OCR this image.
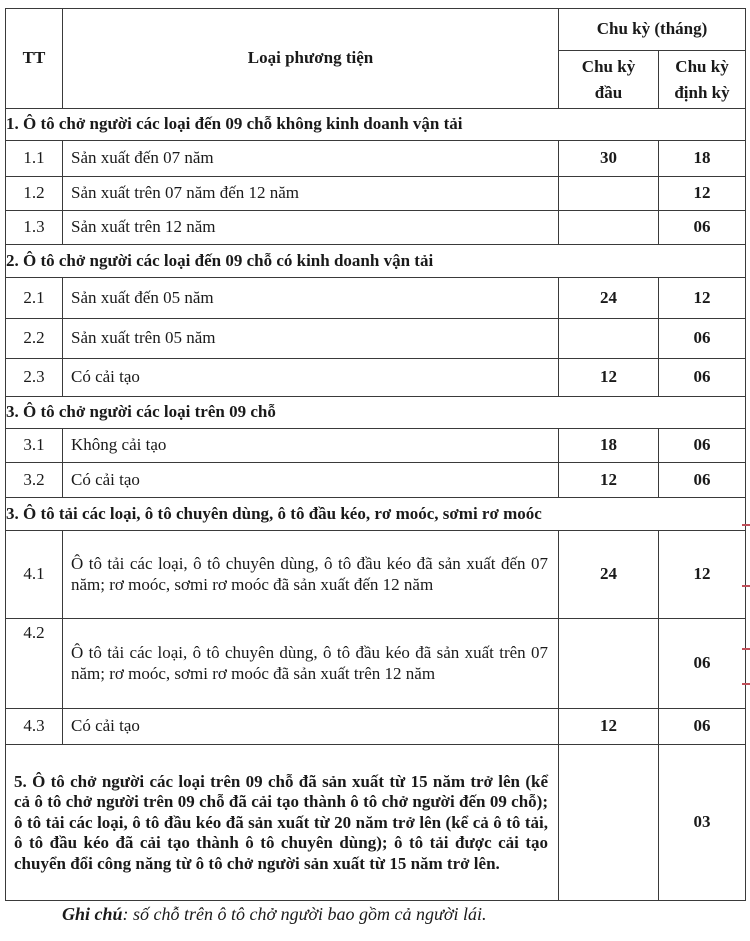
TT	Loại phương tiện	Chu kỳ (tháng)	
		Chu kỳ đầu	Chu kỳ định kỳ
1. Ô tô chở người các loại đến 09 chỗ không kinh doanh vận tải			
1.1	Sản xuất đến 07 năm	30	18
1.2	Sản xuất trên 07 năm đến 12 năm		12
1.3	Sản xuất trên 12 năm		06
2. Ô tô chở người các loại đến 09 chỗ có kinh doanh vận tải			
2.1	Sản xuất đến 05 năm	24	12
2.2	Sản xuất trên 05 năm		06
2.3	Có cải tạo	12	06
3. Ô tô chở người các loại trên 09 chỗ			
3.1	Không cải tạo	18	06
3.2	Có cải tạo	12	06
3. Ô tô tải các loại, ô tô chuyên dùng, ô tô đầu kéo, rơ moóc, sơmi rơ moóc			
4.1	Ô tô tải các loại, ô tô chuyên dùng, ô tô đầu kéo đã sản xuất đến 07 năm; rơ moóc, sơmi rơ moóc đã sản xuất đến 12 năm	24	12
4.2	Ô tô tải các loại, ô tô chuyên dùng, ô tô đầu kéo đã sản xuất trên 07 năm; rơ moóc, sơmi rơ moóc đã sản xuất trên 12 năm		06
4.3	Có cải tạo	12	06
5. Ô tô chở người các loại trên 09 chỗ đã sản xuất từ 15 năm trở lên (kể cả ô tô chở người trên 09 chỗ đã cải tạo thành ô tô chở người đến 09 chỗ); ô tô tải các loại, ô tô đầu kéo đã sản xuất từ 20 năm trở lên (kể cả ô tô tải, ô tô đầu kéo đã cải tạo thành ô tô chuyên dùng); ô tô tải được cải tạo chuyển đổi công năng từ ô tô chở người sản xuất từ 15 năm trở lên.			03
Ghi chú: số chỗ trên ô tô chở người bao gồm cả người lái.
